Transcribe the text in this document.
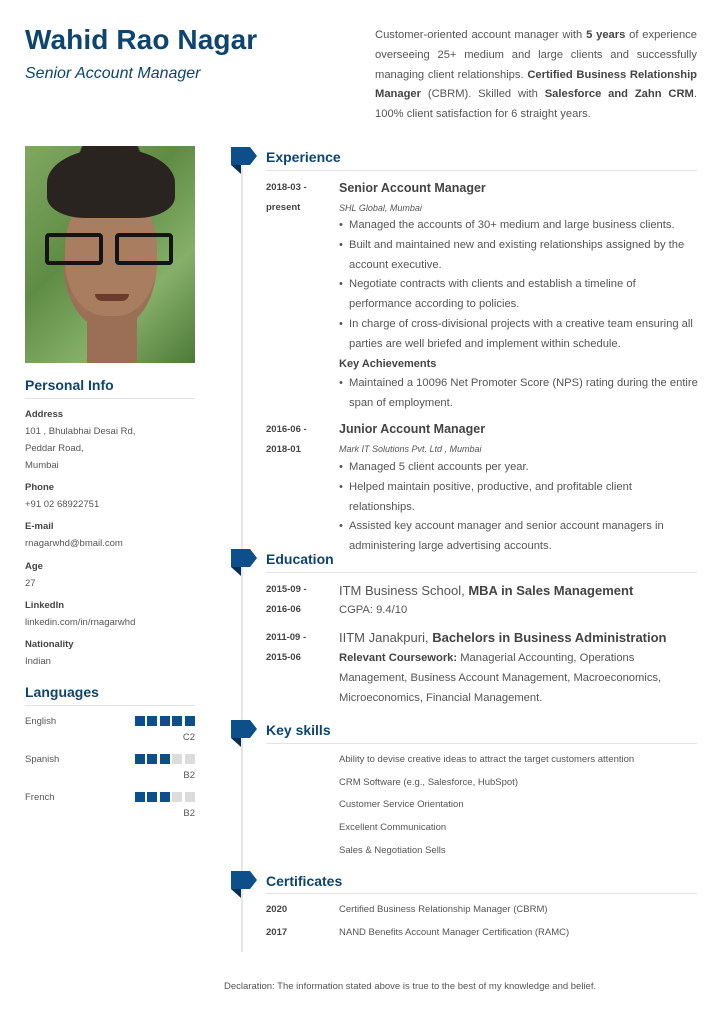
Wahid Rao Nagar
Senior Account Manager
Customer-oriented account manager with 5 years of experience overseeing 25+ medium and large clients and successfully managing client relationships. Certified Business Relationship Manager (CBRM). Skilled with Salesforce and Zahn CRM. 100% client satisfaction for 6 straight years.
Personal Info
Address
101 , Bhulabhai Desai Rd,
Peddar Road,
Mumbai
Phone
+91 02 68922751
E-mail
rnagarwhd@bmail.com
Age
27
LinkedIn
linkedin.com/in/rnagarwhd
Nationality
Indian
Languages
English
C2
Spanish
B2
French
B2
Experience
2018-03 -
present
Senior Account Manager
SHL Global, Mumbai
• Managed the accounts of 30+ medium and large business clients.
• Built and maintained new and existing relationships assigned by the account executive.
• Negotiate contracts with clients and establish a timeline of performance according to policies.
• In charge of cross-divisional projects with a creative team ensuring all parties are well briefed and implement within schedule.
Key Achievements
• Maintained a 10096 Net Promoter Score (NPS) rating during the entire span of employment.
2016-06 -
2018-01
Junior Account Manager
Mark IT Solutions Pvt. Ltd , Mumbai
• Managed 5 client accounts per year.
• Helped maintain positive, productive, and profitable client relationships.
• Assisted key account manager and senior account managers in administering large advertising accounts.
Education
2015-09 -
2016-06
ITM Business School, MBA in Sales Management
CGPA: 9.4/10
2011-09 -
2015-06
IITM Janakpuri, Bachelors in Business Administration
Relevant Coursework: Managerial Accounting, Operations Management, Business Account Management, Macroeconomics, Microeconomics, Financial Management.
Key skills
Ability to devise creative ideas to attract the target customers attention
CRM Software (e.g., Salesforce, HubSpot)
Customer Service Orientation
Excellent Communication
Sales & Negotiation Sells
Certificates
2020	Certified Business Relationship Manager (CBRM)
2017	NAND Benefits Account Manager Certification (RAMC)
Declaration: The information stated above is true to the best of my knowledge and belief.
